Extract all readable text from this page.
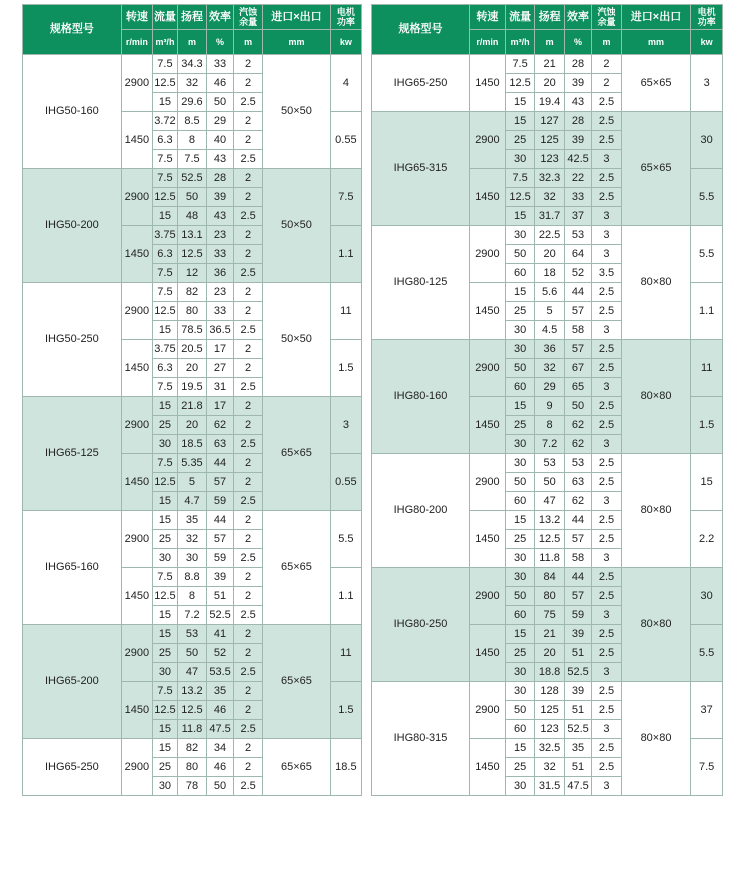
规格型号	转速	流量	扬程	效率	汽蚀
余量	进口×出口	电机
功率

	r/min	m³/h	m	%	m	mm	kw
IHG50-160	2900	7.5	34.3	33	2	50×50	4
		12.5	32	46	2		
		15	29.6	50	2.5		
	1450	3.72	8.5	29	2		0.55
		6.3	8	40	2		
		7.5	7.5	43	2.5		
IHG50-200	2900	7.5	52.5	28	2	50×50	7.5
		12.5	50	39	2		
		15	48	43	2.5		
	1450	3.75	13.1	23	2		1.1
		6.3	12.5	33	2		
		7.5	12	36	2.5		
IHG50-250	2900	7.5	82	23	2	50×50	11
		12.5	80	33	2		
		15	78.5	36.5	2.5		
	1450	3.75	20.5	17	2		1.5
		6.3	20	27	2		
		7.5	19.5	31	2.5		
IHG65-125	2900	15	21.8	17	2	65×65	3
		25	20	62	2		
		30	18.5	63	2.5		
	1450	7.5	5.35	44	2		0.55
		12.5	5	57	2		
		15	4.7	59	2.5		
IHG65-160	2900	15	35	44	2	65×65	5.5
		25	32	57	2		
		30	30	59	2.5		
	1450	7.5	8.8	39	2		1.1
		12.5	8	51	2		
		15	7.2	52.5	2.5		
IHG65-200	2900	15	53	41	2	65×65	11
		25	50	52	2		
		30	47	53.5	2.5		
	1450	7.5	13.2	35	2		1.5
		12.5	12.5	46	2		
		15	11.8	47.5	2.5		
IHG65-250	2900	15	82	34	2	65×65	18.5
		25	80	46	2		
		30	78	50	2.5		
规格型号	转速	流量	扬程	效率	汽蚀
余量	进口×出口	电机
功率

	r/min	m³/h	m	%	m	mm	kw
IHG65-250	1450	7.5	21	28	2	65×65	3
		12.5	20	39	2		
		15	19.4	43	2.5		
IHG65-315	2900	15	127	28	2.5	65×65	30
		25	125	39	2.5		
		30	123	42.5	3		
	1450	7.5	32.3	22	2.5		5.5
		12.5	32	33	2.5		
		15	31.7	37	3		
IHG80-125	2900	30	22.5	53	3	80×80	5.5
		50	20	64	3		
		60	18	52	3.5		
	1450	15	5.6	44	2.5		1.1
		25	5	57	2.5		
		30	4.5	58	3		
IHG80-160	2900	30	36	57	2.5	80×80	11
		50	32	67	2.5		
		60	29	65	3		
	1450	15	9	50	2.5		1.5
		25	8	62	2.5		
		30	7.2	62	3		
IHG80-200	2900	30	53	53	2.5	80×80	15
		50	50	63	2.5		
		60	47	62	3		
	1450	15	13.2	44	2.5		2.2
		25	12.5	57	2.5		
		30	11.8	58	3		
IHG80-250	2900	30	84	44	2.5	80×80	30
		50	80	57	2.5		
		60	75	59	3		
	1450	15	21	39	2.5		5.5
		25	20	51	2.5		
		30	18.8	52.5	3		
IHG80-315	2900	30	128	39	2.5	80×80	37
		50	125	51	2.5		
		60	123	52.5	3		
	1450	15	32.5	35	2.5		7.5
		25	32	51	2.5		
		30	31.5	47.5	3		
